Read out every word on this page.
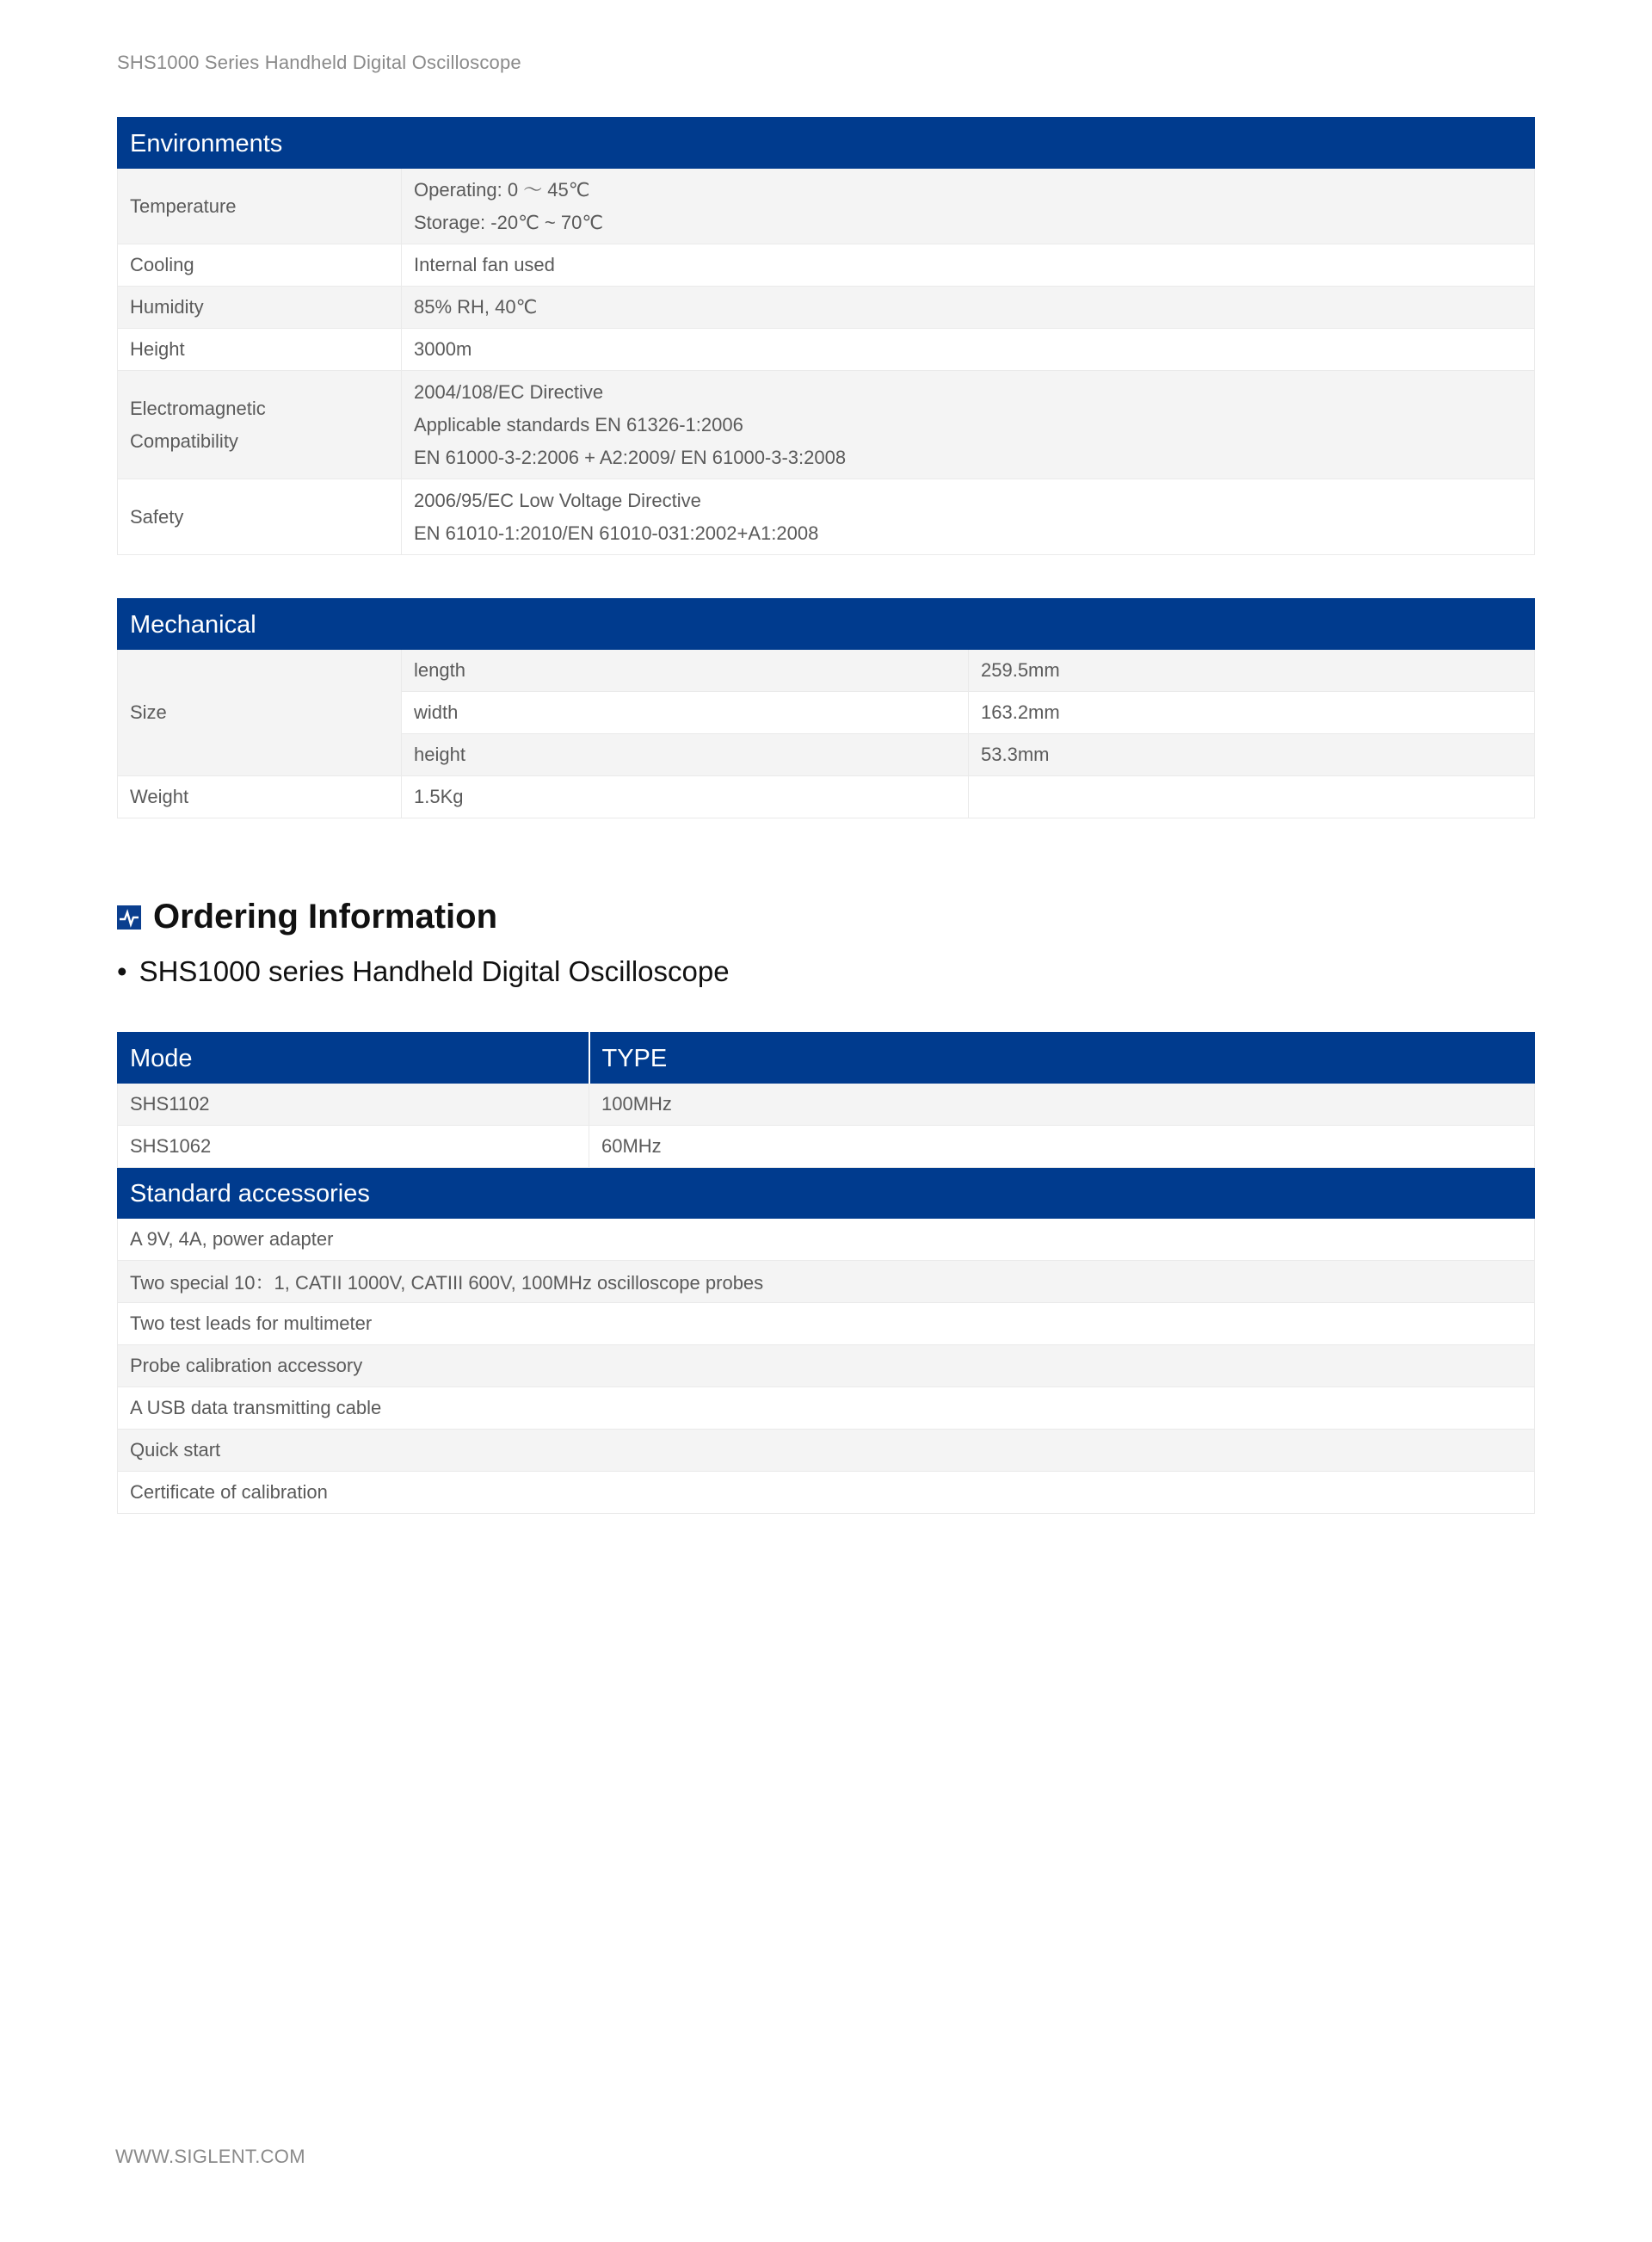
SHS1000 Series Handheld Digital Oscilloscope
Environments	
Temperature	Operating: 0 ～ 45℃
Storage: -20℃ ~ 70℃

Cooling	Internal fan used
Humidity	85% RH, 40℃
Height	3000m

Electromagnetic
Compatibility	2004/108/EC Directive
Applicable standards EN 61326-1:2006
EN 61000-3-2:2006 + A2:2009/ EN 61000-3-3:2008

Safety	2006/95/EC Low Voltage Directive
EN 61010-1:2010/EN 61010-031:2002+A1:2008
Mechanical		
Size	length	259.5mm
	width	163.2mm
	height	53.3mm
Weight	1.5Kg	
Ordering Information
• SHS1000 series Handheld Digital Oscilloscope
Mode	TYPE
SHS1102	100MHz
SHS1062	60MHz
Standard accessories	
A 9V, 4A, power adapter	
Two special 10：1, CATII 1000V, CATIII 600V, 100MHz oscilloscope probes	
Two test leads for multimeter	
Probe calibration accessory	
A USB data transmitting cable	
Quick start	
Certificate of calibration	
WWW.SIGLENT.COM
